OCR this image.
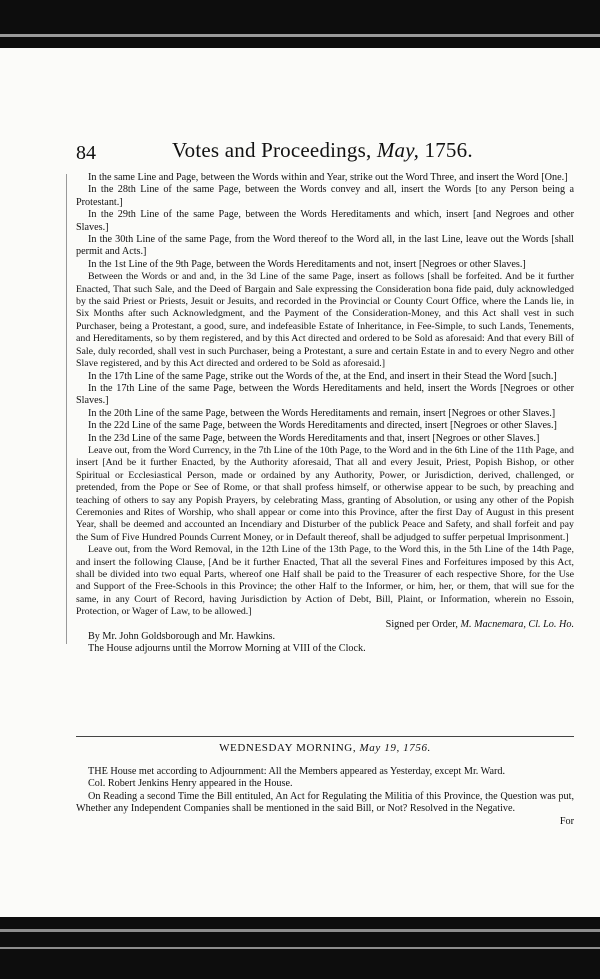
84	Votes and Proceedings, May, 1756.

In the same Line and Page, between the Words within and Year, strike out the Word Three, and insert the Word [One.]

In the 28th Line of the same Page, between the Words convey and all, insert the Words [to any Person being a Protestant.]

In the 29th Line of the same Page, between the Words Hereditaments and which, insert [and Negroes and other Slaves.]

In the 30th Line of the same Page, from the Word thereof to the Word all, in the last Line, leave out the Words [shall permit and Acts.]

In the 1st Line of the 9th Page, between the Words Hereditaments and not, insert [Negroes or other Slaves.]

Between the Words or and and, in the 3d Line of the same Page, insert as follows [shall be forfeited. And be it further Enacted, That such Sale, and the Deed of Bargain and Sale expressing the Consideration bona fide paid, duly acknowledged by the said Priest or Priests, Jesuit or Jesuits, and recorded in the Provincial or County Court Office, where the Lands lie, in Six Months after such Acknowledgment, and the Payment of the Consideration-Money, and this Act shall vest in such Purchaser, being a Protestant, a good, sure, and indefeasible Estate of Inheritance, in Fee-Simple, to such Lands, Tenements, and Hereditaments, so by them registered, and by this Act directed and ordered to be Sold as aforesaid: And that every Bill of Sale, duly recorded, shall vest in such Purchaser, being a Protestant, a sure and certain Estate in and to every Negro and other Slave registered, and by this Act directed and ordered to be Sold as aforesaid.]

In the 17th Line of the same Page, strike out the Words of the, at the End, and insert in their Stead the Word [such.]

In the 17th Line of the same Page, between the Words Hereditaments and held, insert the Words [Negroes or other Slaves.]

In the 20th Line of the same Page, between the Words Hereditaments and remain, insert [Negroes or other Slaves.]

In the 22d Line of the same Page, between the Words Hereditaments and directed, insert [Negroes or other Slaves.]

In the 23d Line of the same Page, between the Words Hereditaments and that, insert [Negroes or other Slaves.]

Leave out, from the Word Currency, in the 7th Line of the 10th Page, to the Word and in the 6th Line of the 11th Page, and insert [And be it further Enacted, by the Authority aforesaid, That all and every Jesuit, Priest, Popish Bishop, or other Spiritual or Ecclesiastical Person, made or ordained by any Authority, Power, or Jurisdiction, derived, challenged, or pretended, from the Pope or See of Rome, or that shall profess himself, or otherwise appear to be such, by preaching and teaching of others to say any Popish Prayers, by celebrating Mass, granting of Absolution, or using any other of the Popish Ceremonies and Rites of Worship, who shall appear or come into this Province, after the first Day of August in this present Year, shall be deemed and accounted an Incendiary and Disturber of the publick Peace and Safety, and shall forfeit and pay the Sum of Five Hundred Pounds Current Money, or in Default thereof, shall be adjudged to suffer perpetual Imprisonment.]

Leave out, from the Word Removal, in the 12th Line of the 13th Page, to the Word this, in the 5th Line of the 14th Page, and insert the following Clause, [And be it further Enacted, That all the several Fines and Forfeitures imposed by this Act, shall be divided into two equal Parts, whereof one Half shall be paid to the Treasurer of each respective Shore, for the Use and Support of the Free-Schools in this Province; the other Half to the Informer, or him, her, or them, that will sue for the same, in any Court of Record, having Jurisdiction by Action of Debt, Bill, Plaint, or Information, wherein no Essoin, Protection, or Wager of Law, to be allowed.]

Signed per Order, M. Macnemara, Cl. Lo. Ho.

By Mr. John Goldsborough and Mr. Hawkins.

The House adjourns until the Morrow Morning at VIII of the Clock.

WEDNESDAY MORNING, May 19, 1756.

THE House met according to Adjournment: All the Members appeared as Yesterday, except Mr. Ward.

Col. Robert Jenkins Henry appeared in the House.

On Reading a second Time the Bill entituled, An Act for Regulating the Militia of this Province, the Question was put, Whether any Independent Companies shall be mentioned in the said Bill, or Not? Resolved in the Negative.

For
